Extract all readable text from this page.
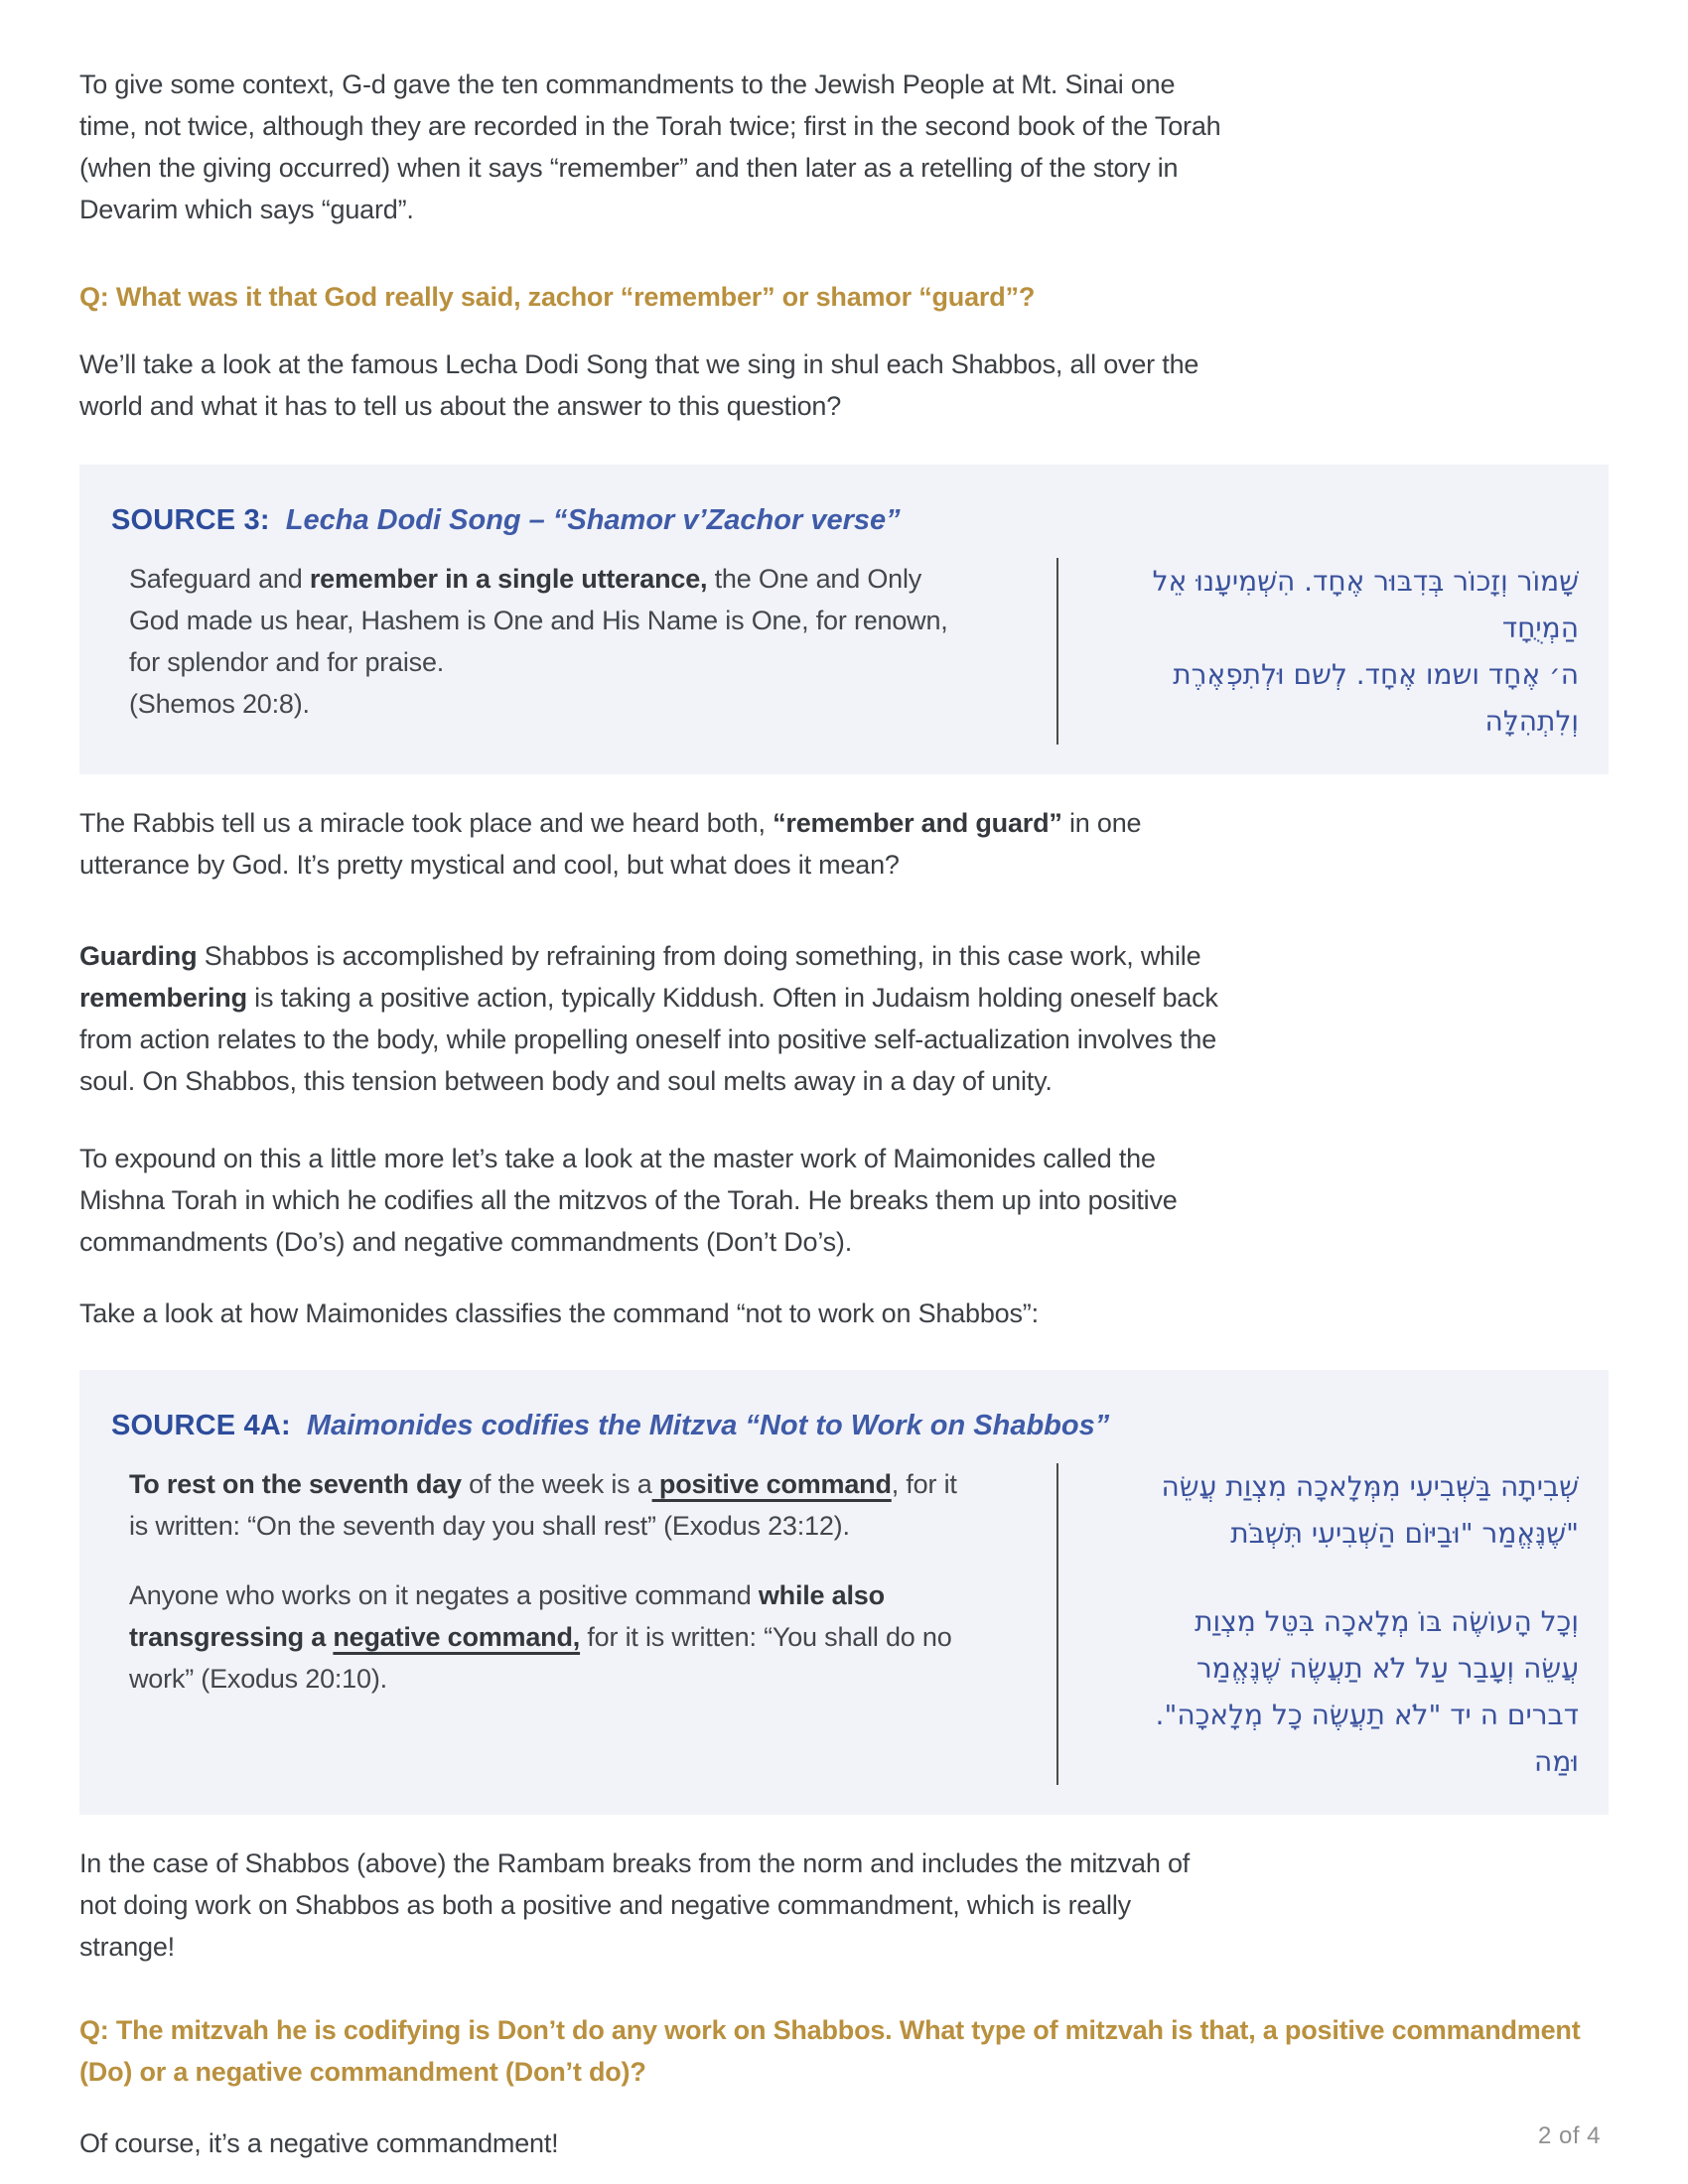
To give some context, G-d gave the ten commandments to the Jewish People at Mt. Sinai one time, not twice, although they are recorded in the Torah twice; first in the second book of the Torah (when the giving occurred) when it says “remember” and then later as a retelling of the story in Devarim which says “guard”.

Q: What was it that God really said, zachor “remember” or shamor “guard”?

We’ll take a look at the famous Lecha Dodi Song that we sing in shul each Shabbos, all over the world and what it has to tell us about the answer to this question?

SOURCE 3: Lecha Dodi Song – “Shamor v’Zachor verse”

Safeguard and remember in a single utterance, the One and Only God made us hear, Hashem is One and His Name is One, for renown, for splendor and for praise.

(Shemos 20:8).

שָׁמוֹר וְזָכוֹר בְּדִבּוּר אֶחָד. הִשְׁמִיעָנוּ אֵל
הַמְיֻחָד
ה׳ אֶחָד ושמו אֶחָד. לְשם וּלְתִפְאֶרֶת
וְלִתְהִלָּה

The Rabbis tell us a miracle took place and we heard both, “remember and guard” in one utterance by God. It’s pretty mystical and cool, but what does it mean?

Guarding Shabbos is accomplished by refraining from doing something, in this case work, while remembering is taking a positive action, typically Kiddush. Often in Judaism holding oneself back from action relates to the body, while propelling oneself into positive self-actualization involves the soul. On Shabbos, this tension between body and soul melts away in a day of unity.

To expound on this a little more let’s take a look at the master work of Maimonides called the Mishna Torah in which he codifies all the mitzvos of the Torah. He breaks them up into positive commandments (Do’s) and negative commandments (Don’t Do’s).

Take a look at how Maimonides classifies the command “not to work on Shabbos”:

SOURCE 4A: Maimonides codifies the Mitzva “Not to Work on Shabbos”

To rest on the seventh day of the week is a positive command, for it is written: “On the seventh day you shall rest” (Exodus 23:12).

Anyone who works on it negates a positive command while also transgressing a negative command, for it is written: “You shall do no work” (Exodus 20:10).

שְׁבִיתָה בַּשְּׁבִיעִי מִמְּלָאכָה מִצְוַת עֲשֵׂה
"שֶׁנֶּאֱמַר "וּבַיּוֹם הַשְּׁבִיעִי תִּשְׁבֹּת
וְכָל הָעוֹשֶׂה בּוֹ מְלָאכָה בִּטֵּל מִצְוַת
עֲשֵׂה וְעָבַר עַל לֹא תַעֲשֶׂה שֶׁנֶּאֱמַר
דברים ה יד "לֹא תַעֲשֶׂה כָל מְלָאכָה".
וּמַה

In the case of Shabbos (above) the Rambam breaks from the norm and includes the mitzvah of not doing work on Shabbos as both a positive and negative commandment, which is really strange!

Q: The mitzvah he is codifying is Don’t do any work on Shabbos. What type of mitzvah is that, a positive commandment (Do) or a negative commandment (Don’t do)?

Of course, it’s a negative commandment!	2 of 4
